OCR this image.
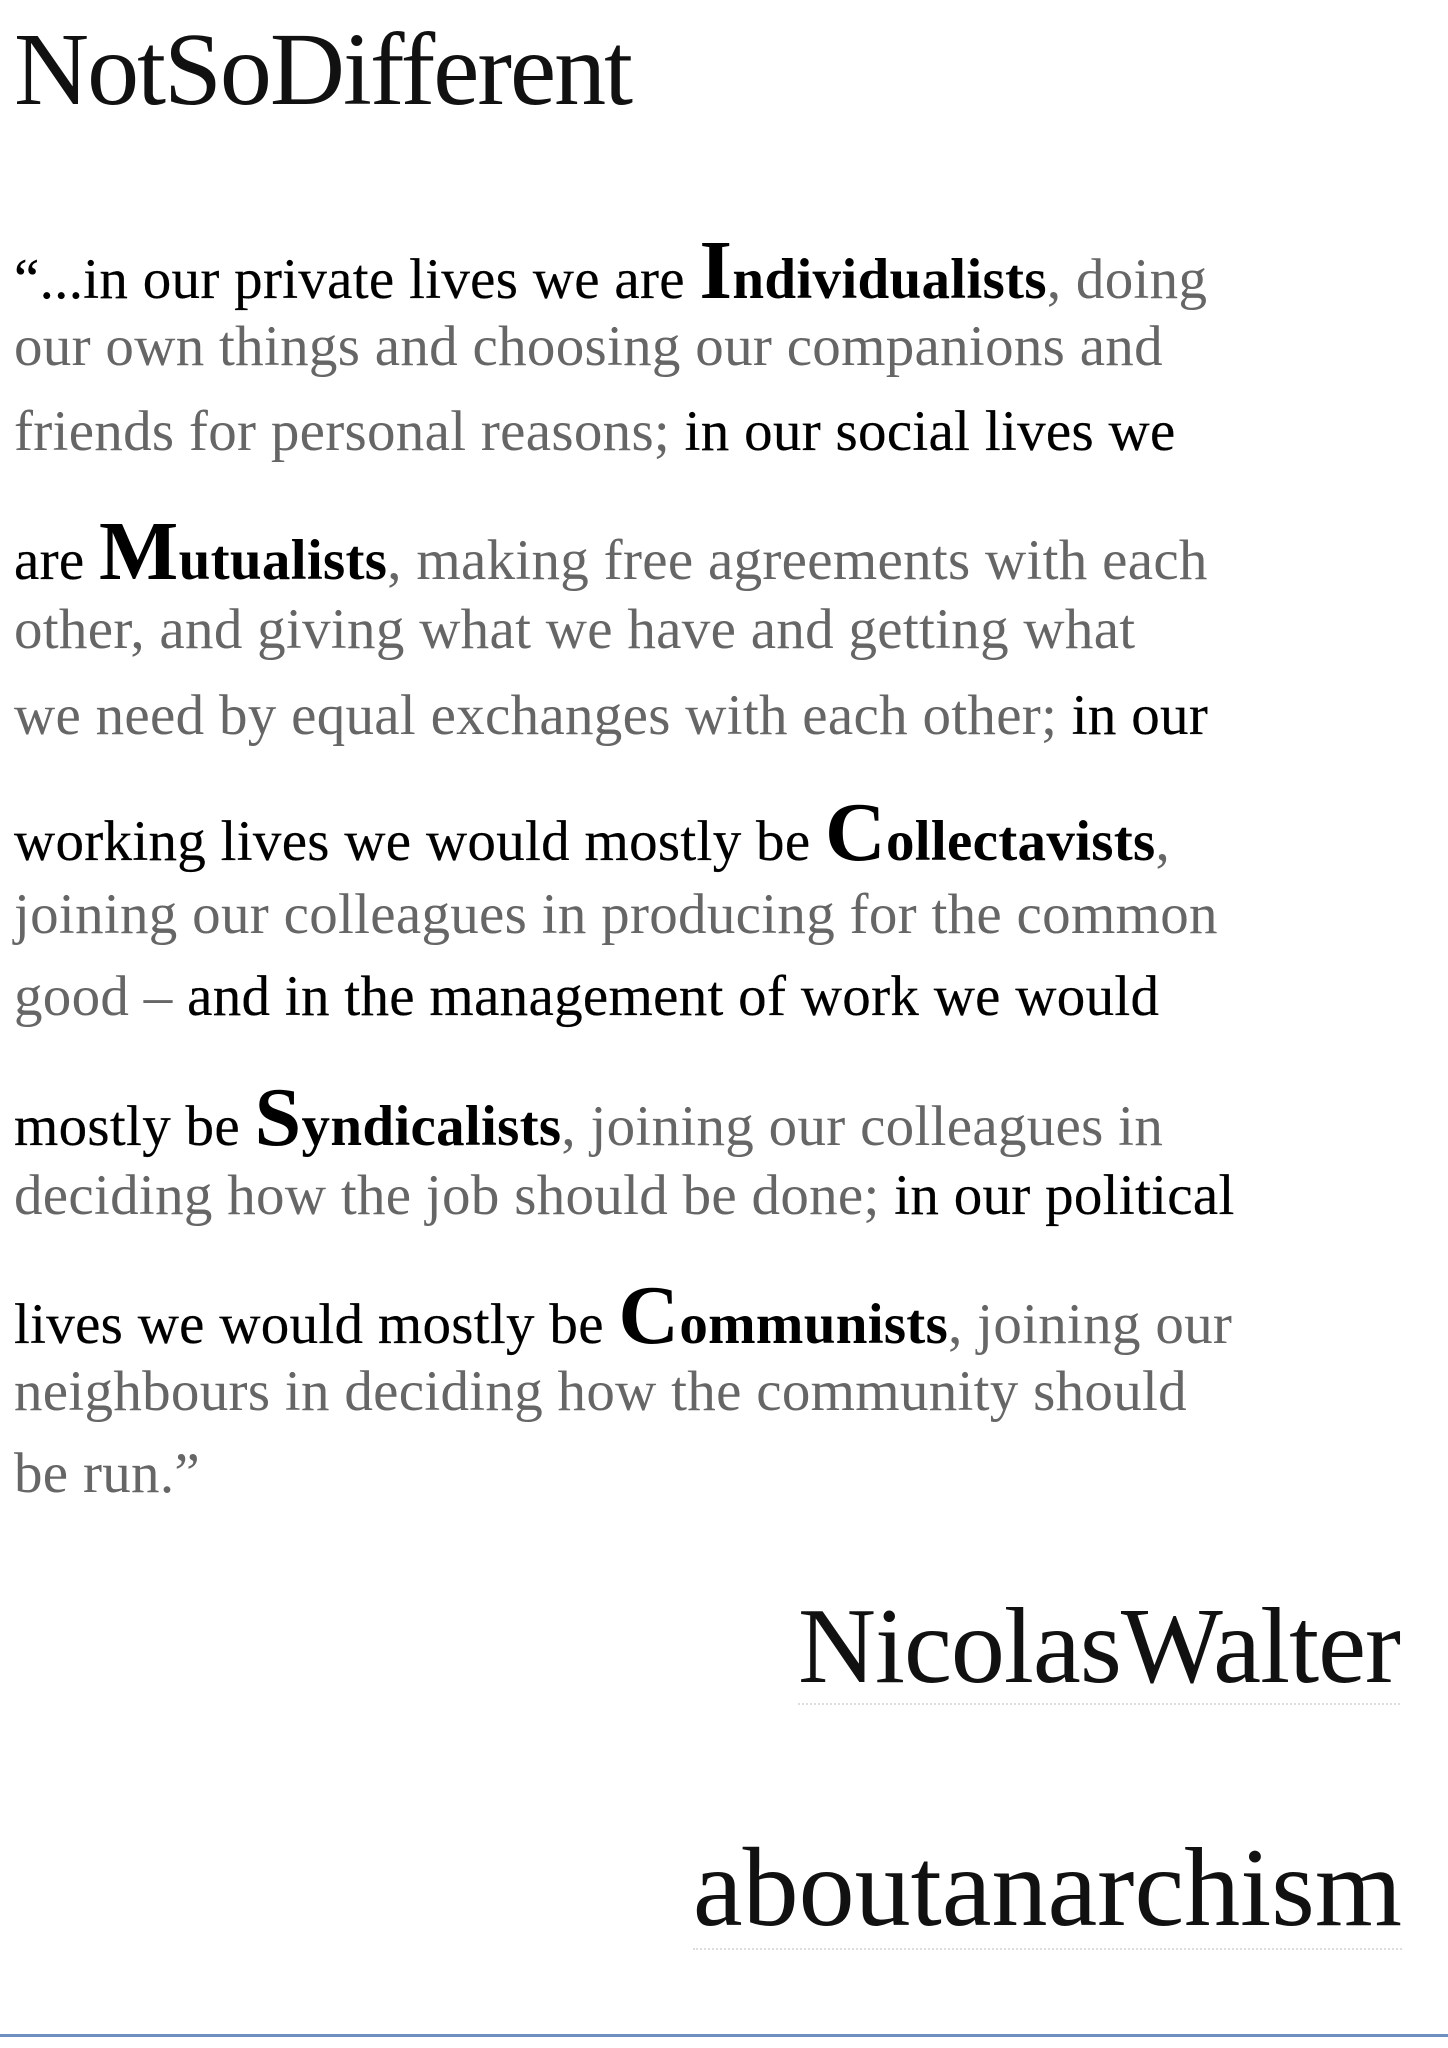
NotSoDifferent
“...in our private lives we are Individualists, doing
our own things and choosing our companions and
friends for personal reasons; in our social lives we
are Mutualists, making free agreements with each
other, and giving what we have and getting what
we need by equal exchanges with each other; in our
working lives we would mostly be Collectavists,
joining our colleagues in producing for the common
good – and in the management of work we would
mostly be Syndicalists, joining our colleagues in
deciding how the job should be done; in our political
lives we would mostly be Communists, joining our
neighbours in deciding how the community should
be run.”
NicolasWalter
aboutanarchism
